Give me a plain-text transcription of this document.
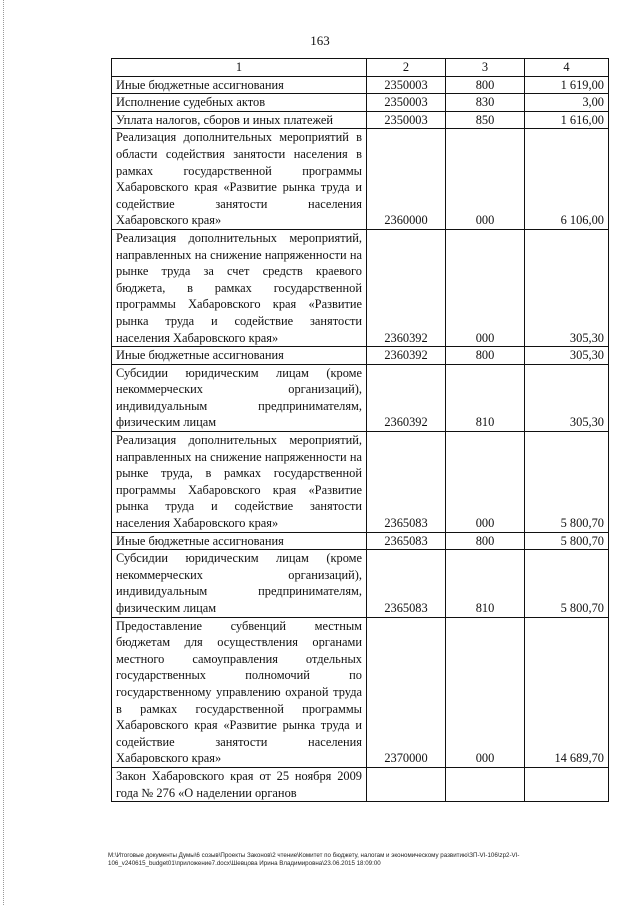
163
1	2	3	4
Иные бюджетные ассигнования	2350003	800	1 619,00
Исполнение судебных актов	2350003	830	3,00
Уплата налогов, сборов и иных платежей	2350003	850	1 616,00
Реализация дополнительных мероприятий в области содействия занятости населения в рамках государственной программы Хабаровского края «Развитие рынка труда и содействие занятости населения Хабаровского края»	2360000	000	6 106,00
Реализация дополнительных мероприятий, направленных на снижение напряженности на рынке труда за счет средств краевого бюджета, в рамках государственной программы Хабаровского края «Развитие рынка труда и содействие занятости населения Хабаровского края»	2360392	000	305,30
Иные бюджетные ассигнования	2360392	800	305,30
Субсидии юридическим лицам (кроме некоммерческих организаций), индивидуальным предпринимателям, физическим лицам	2360392	810	305,30
Реализация дополнительных мероприятий, направленных на снижение напряженности на рынке труда, в рамках государственной программы Хабаровского края «Развитие рынка труда и содействие занятости населения Хабаровского края»	2365083	000	5 800,70
Иные бюджетные ассигнования	2365083	800	5 800,70
Субсидии юридическим лицам (кроме некоммерческих организаций), индивидуальным предпринимателям, физическим лицам	2365083	810	5 800,70
Предоставление субвенций местным бюджетам для осуществления органами местного самоуправления отдельных государственных полномочий по государственному управлению охраной труда в рамках государственной программы Хабаровского края «Развитие рынка труда и содействие занятости населения Хабаровского края»	2370000	000	14 689,70
Закон Хабаровского края от 25 ноября 2009 года № 276 «О наделении органов			
M:\Итоговые документы Думы\6 созыв\Проекты Законов\2 чтение\Комитет по бюджету, налогам и экономическому развитию\ЗП-VI-106\zp2-VI-106_v240615_budget01\приложение7.docx\Шевцова Ирина Владимировна\23.06.2015 18:09:00
